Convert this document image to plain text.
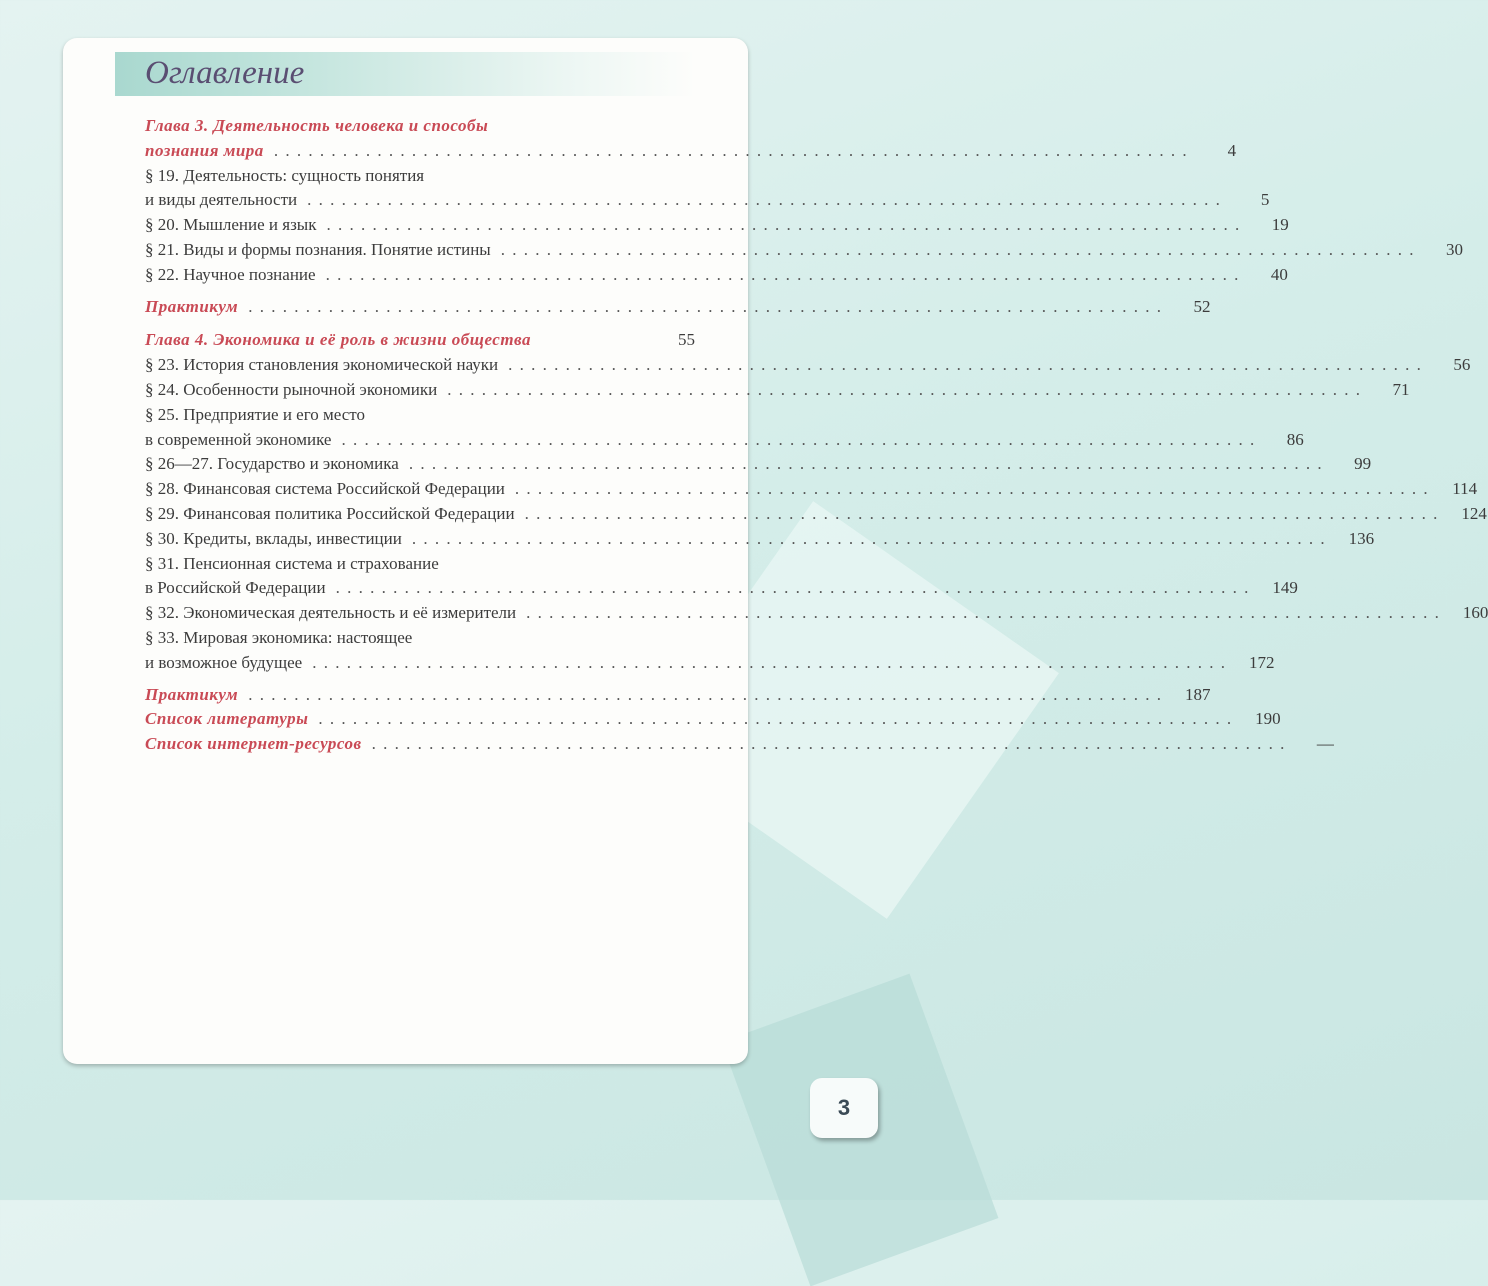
Оглавление
Глава 3. Деятельность человека и способы
познания мира . . . . . . . . . . . . . . . . . . . . . . . . . . . . . . . . . . . . . . . . . . . . . . . . . . . . . . . . . . . . . . . . . . . . . . . . . . . . . . . .	4
§ 19. Деятельность: сущность понятия
и виды деятельности . . . . . . . . . . . . . . . . . . . . . . . . . . . . . . . . . . . . . . . . . . . . . . . . . . . . . . . . . . . . . . . . . . . . . . . . . . . . . . . .	5
§ 20. Мышление и язык . . . . . . . . . . . . . . . . . . . . . . . . . . . . . . . . . . . . . . . . . . . . . . . . . . . . . . . . . . . . . . . . . . . . . . . . . . . . . . . .	19
§ 21. Виды и формы познания. Понятие истины . . . . . . . . . . . . . . . . . . . . . . . . . . . . . . . . . . . . . . . . . . . . . . . . . . . . . . . . . . . . . . . . . . . . . . . . . . . . . . . .	30
§ 22. Научное познание . . . . . . . . . . . . . . . . . . . . . . . . . . . . . . . . . . . . . . . . . . . . . . . . . . . . . . . . . . . . . . . . . . . . . . . . . . . . . . . .	40
Практикум . . . . . . . . . . . . . . . . . . . . . . . . . . . . . . . . . . . . . . . . . . . . . . . . . . . . . . . . . . . . . . . . . . . . . . . . . . . . . . . .	52
Глава 4. Экономика и её роль в жизни общества	55
§ 23. История становления экономической науки . . . . . . . . . . . . . . . . . . . . . . . . . . . . . . . . . . . . . . . . . . . . . . . . . . . . . . . . . . . . . . . . . . . . . . . . . . . . . . . .	56
§ 24. Особенности рыночной экономики . . . . . . . . . . . . . . . . . . . . . . . . . . . . . . . . . . . . . . . . . . . . . . . . . . . . . . . . . . . . . . . . . . . . . . . . . . . . . . . .	71
§ 25. Предприятие и его место
в современной экономике . . . . . . . . . . . . . . . . . . . . . . . . . . . . . . . . . . . . . . . . . . . . . . . . . . . . . . . . . . . . . . . . . . . . . . . . . . . . . . . .	86
§ 26—27. Государство и экономика . . . . . . . . . . . . . . . . . . . . . . . . . . . . . . . . . . . . . . . . . . . . . . . . . . . . . . . . . . . . . . . . . . . . . . . . . . . . . . . .	99
§ 28. Финансовая система Российской Федерации . . . . . . . . . . . . . . . . . . . . . . . . . . . . . . . . . . . . . . . . . . . . . . . . . . . . . . . . . . . . . . . . . . . . . . . . . . . . . . . .	114
§ 29. Финансовая политика Российской Федерации . . . . . . . . . . . . . . . . . . . . . . . . . . . . . . . . . . . . . . . . . . . . . . . . . . . . . . . . . . . . . . . . . . . . . . . . . . . . . . . .	124
§ 30. Кредиты, вклады, инвестиции . . . . . . . . . . . . . . . . . . . . . . . . . . . . . . . . . . . . . . . . . . . . . . . . . . . . . . . . . . . . . . . . . . . . . . . . . . . . . . . .	136
§ 31. Пенсионная система и страхование
в Российской Федерации . . . . . . . . . . . . . . . . . . . . . . . . . . . . . . . . . . . . . . . . . . . . . . . . . . . . . . . . . . . . . . . . . . . . . . . . . . . . . . . .	149
§ 32. Экономическая деятельность и её измерители . . . . . . . . . . . . . . . . . . . . . . . . . . . . . . . . . . . . . . . . . . . . . . . . . . . . . . . . . . . . . . . . . . . . . . . . . . . . . . . .	160
§ 33. Мировая экономика: настоящее
и возможное будущее . . . . . . . . . . . . . . . . . . . . . . . . . . . . . . . . . . . . . . . . . . . . . . . . . . . . . . . . . . . . . . . . . . . . . . . . . . . . . . . .	172
Практикум . . . . . . . . . . . . . . . . . . . . . . . . . . . . . . . . . . . . . . . . . . . . . . . . . . . . . . . . . . . . . . . . . . . . . . . . . . . . . . . .	187
Список литературы . . . . . . . . . . . . . . . . . . . . . . . . . . . . . . . . . . . . . . . . . . . . . . . . . . . . . . . . . . . . . . . . . . . . . . . . . . . . . . . .	190
Список интернет-ресурсов . . . . . . . . . . . . . . . . . . . . . . . . . . . . . . . . . . . . . . . . . . . . . . . . . . . . . . . . . . . . . . . . . . . . . . . . . . . . . . . .	—
3
